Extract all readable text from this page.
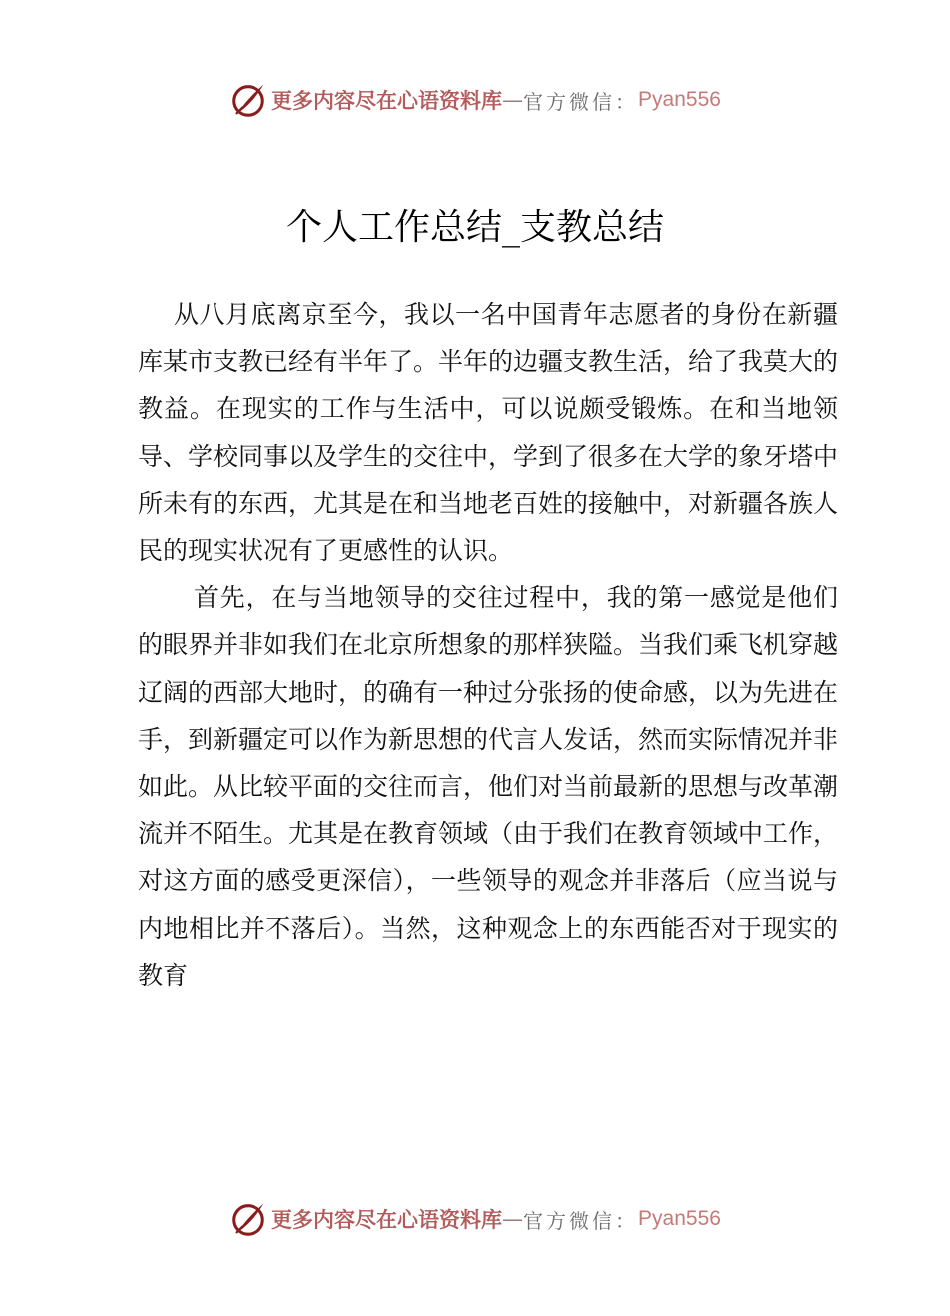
更多内容尽在心语资料库 — 官方微信： Pyan556
个人工作总结_支教总结

从八月底离京至今，我以一名中国青年志愿者的身份在新疆库某市支教已经有半年了。半年的边疆支教生活，给了我莫大的教益。在现实的工作与生活中，可以说颇受锻炼。在和当地领导、学校同事以及学生的交往中，学到了很多在大学的象牙塔中所未有的东西，尤其是在和当地老百姓的接触中，对新疆各族人民的现实状况有了更感性的认识。

首先，在与当地领导的交往过程中，我的第一感觉是他们的眼界并非如我们在北京所想象的那样狭隘。当我们乘飞机穿越辽阔的西部大地时，的确有一种过分张扬的使命感，以为先进在手，到新疆定可以作为新思想的代言人发话，然而实际情况并非如此。从比较平面的交往而言，他们对当前最新的思想与改革潮流并不陌生。尤其是在教育领域（由于我们在教育领域中工作，对这方面的感受更深信），一些领导的观念并非落后（应当说与内地相比并不落后）。当然，这种观念上的东西能否对于现实的教育

更多内容尽在心语资料库 — 官方微信： Pyan556
